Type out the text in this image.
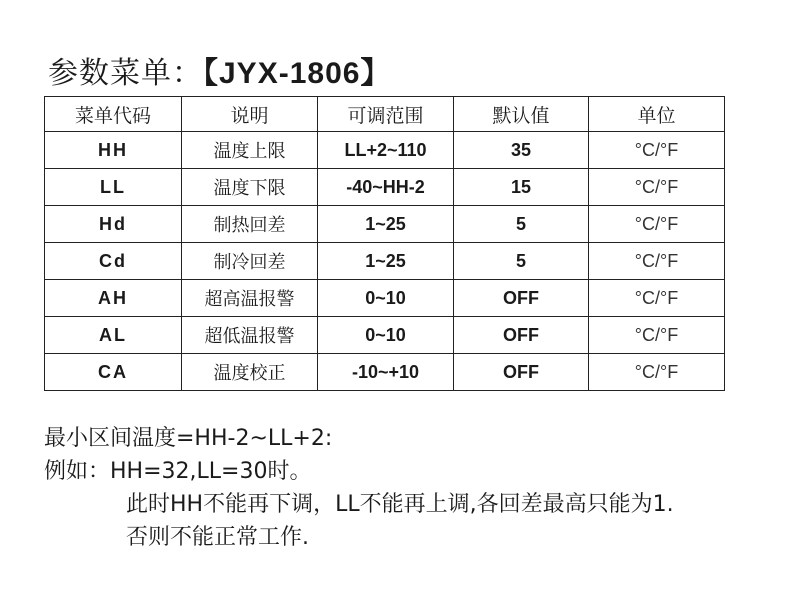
参数菜单：【JYX-1806】
菜单代码	说明	可调范围	默认值	单位
HH	温度上限	LL+2~110	35	°C/°F
LL	温度下限	-40~HH-2	15	°C/°F
Hd	制热回差	1~25	5	°C/°F
Cd	制冷回差	1~25	5	°C/°F
AH	超高温报警	0~10	OFF	°C/°F
AL	超低温报警	0~10	OFF	°C/°F
CA	温度校正	-10~+10	OFF	°C/°F
最小区间温度=HH-2~LL+2:
例如：HH=32,LL=30时。
此时HH不能再下调，LL不能再上调,各回差最高只能为1.
否则不能正常工作.
